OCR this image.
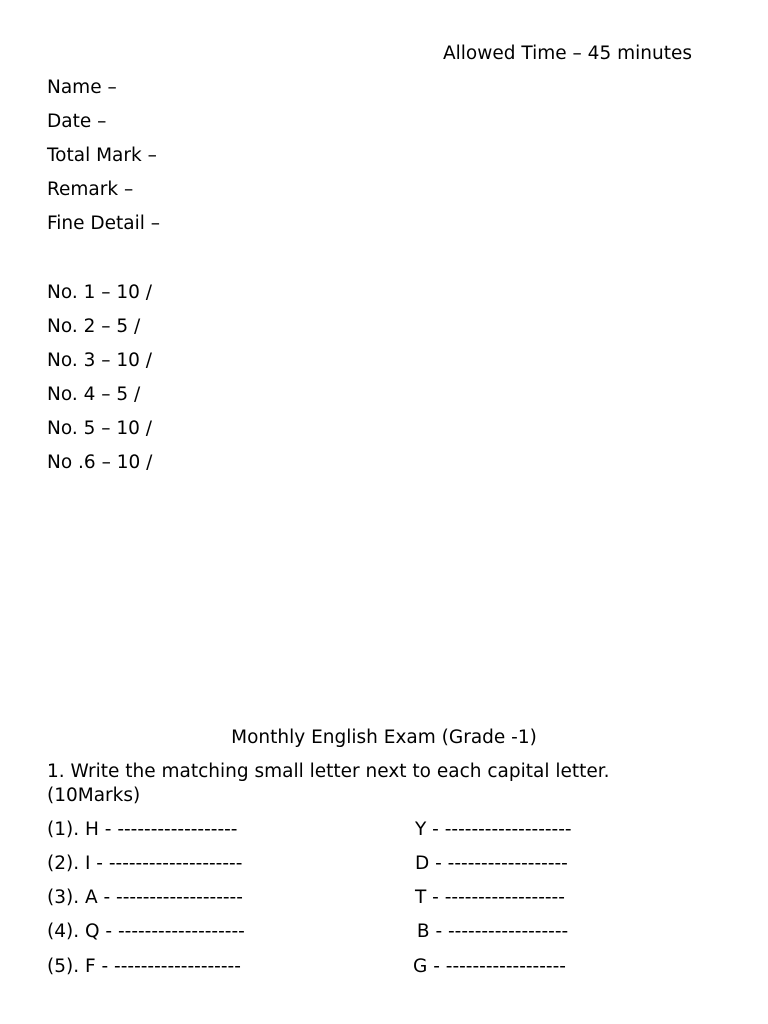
Allowed Time – 45 minutes
Name –
Date –
Total Mark –
Remark –
Fine Detail –
No. 1 – 10 /
No. 2 – 5 /
No. 3 – 10 /
No. 4 – 5 /
No. 5 – 10 /
No .6 – 10 /
Monthly English Exam (Grade -1)
1. Write the matching small letter next to each capital letter.
(10Marks)
(1). H - ------------------	Y - -------------------
(2). I - --------------------	D - ------------------
(3). A - -------------------	T - ------------------
(4). Q - -------------------	B - ------------------
(5). F - -------------------	G - ------------------
